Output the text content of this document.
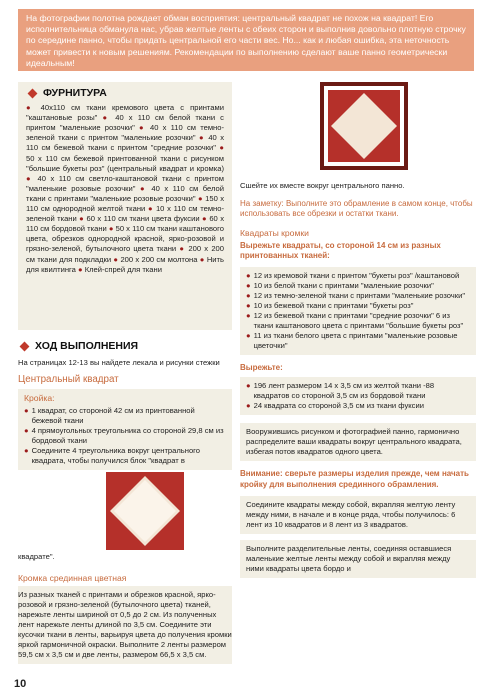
На фотографии полотна рождает обман восприятия: центральный квадрат не похож на квадрат! Его исполнительница обманула нас, убрав желтые ленты с обеих сторон и выполнив довольно плотную строчку по середине панно, чтобы придать центральной его части вес. Но... как и любая ошибка, эта неточность может привести к новым решениям. Рекомендации по выполнению сделают ваше панно геометрически идеальным!
ФУРНИТУРА
● 40х110 см ткани кремового цвета с принтами "каштановые розы" ● 40 х 110 см белой ткани с принтом "маленькие розочки" ● 40 х 110 см темно-зеленой ткани с принтом "маленькие розочки" ● 40 х 110 см бежевой ткани с принтом "средние розочки" ● 50 х 110 см бежевой принтованной ткани с рисунком "большие букеты роз" (центральный квадрат и кромка) ● 40 х 110 см светло-каштановой ткани с принтом "маленькие розовые розочки" ● 40 х 110 см белой ткани с принтами "маленькие розовые розочки" ● 150 х 110 см однородной желтой ткани ● 10 х 110 см темно-зеленой ткани ● 60 х 110 см ткани цвета фуксии ● 60 х 110 см бордовой ткани ● 50 х 110 см ткани каштанового цвета, обрезков однородной красной, ярко-розовой и грязно-зеленой, бутылочного цвета ткани ● 200 х 200 см ткани для подкладки ● 200 х 200 см молтона ● Нить для квилтинга ● Клей-спрей для ткани
ХОД ВЫПОЛНЕНИЯ
На страницах 12-13 вы найдете лекала и рисунки стежки
Центральный квадрат
Кройка:
● 1 квадрат, со стороной 42 см из принтованной бежевой ткани
● 4 прямоугольных треугольника со стороной 29,8 см из бордовой ткани
● Соедините 4 треугольника вокруг центрального квадрата, чтобы получился блок "квадрат в
квадрате".
Кромка срединная цветная
Из разных тканей с принтами и обрезков красной, ярко-розовой и грязно-зеленой (бутылочного цвета) тканей, нарежьте ленты шириной от 0,5 до 2 см. Из полученных лент нарежьте ленты длиной по 3,5 см. Соедините эти кусочки ткани в ленты, варьируя цвета до получения кромки яркой гармоничной окраски. Выполните 2 ленты размером 59,5 см x 3,5 см и две ленты, размером 66,5 х 3,5 см.
Сшейте их вместе вокруг центрального панно.
На заметку: Выполните это обрамление в самом конце, чтобы использовать все обрезки и остатки ткани.
Квадраты кромки
Вырежьте квадраты, со стороной 14 см из разных принтованных тканей:
● 12 из кремовой ткани с принтом "букеты роз" /каштановой
● 10 из белой ткани с принтами "маленькие розочки"
● 12 из темно-зеленой ткани с принтами "маленькие розочки"
● 10 из бежевой ткани с принтами "букеты роз"
● 12 из бежевой ткани с принтами "средние розочки" 6 из ткани каштанового цвета с принтами "большие букеты роз"
● 11 из ткани белого цвета с принтами "маленькие розовые цветочки"
Вырежьте:
● 196 лент размером 14 х 3,5 см из желтой ткани -88 квадратов со стороной 3,5 см из бордовой ткани
● 24 квадрата со стороной 3,5 см из ткани фуксии
Вооружившись рисунком и фотографией панно, гармонично распределите ваши квадраты вокруг центрального квадрата, избегая потов квадратов одного цвета.
Внимание: сверьте размеры изделия прежде, чем начать кройку для выполнения срединного обрамления.
Соедините квадраты между собой, вкрапляя желтую ленту между ними, в начале и в конце ряда, чтобы получилось: 6 лент из 10 квадратов и 8 лент из 3 квадратов.
Выполните разделительные ленты, соединяя оставшиеся маленькие желтые ленты между собой и вкрапляя между ними квадраты цвета бордо и
10
